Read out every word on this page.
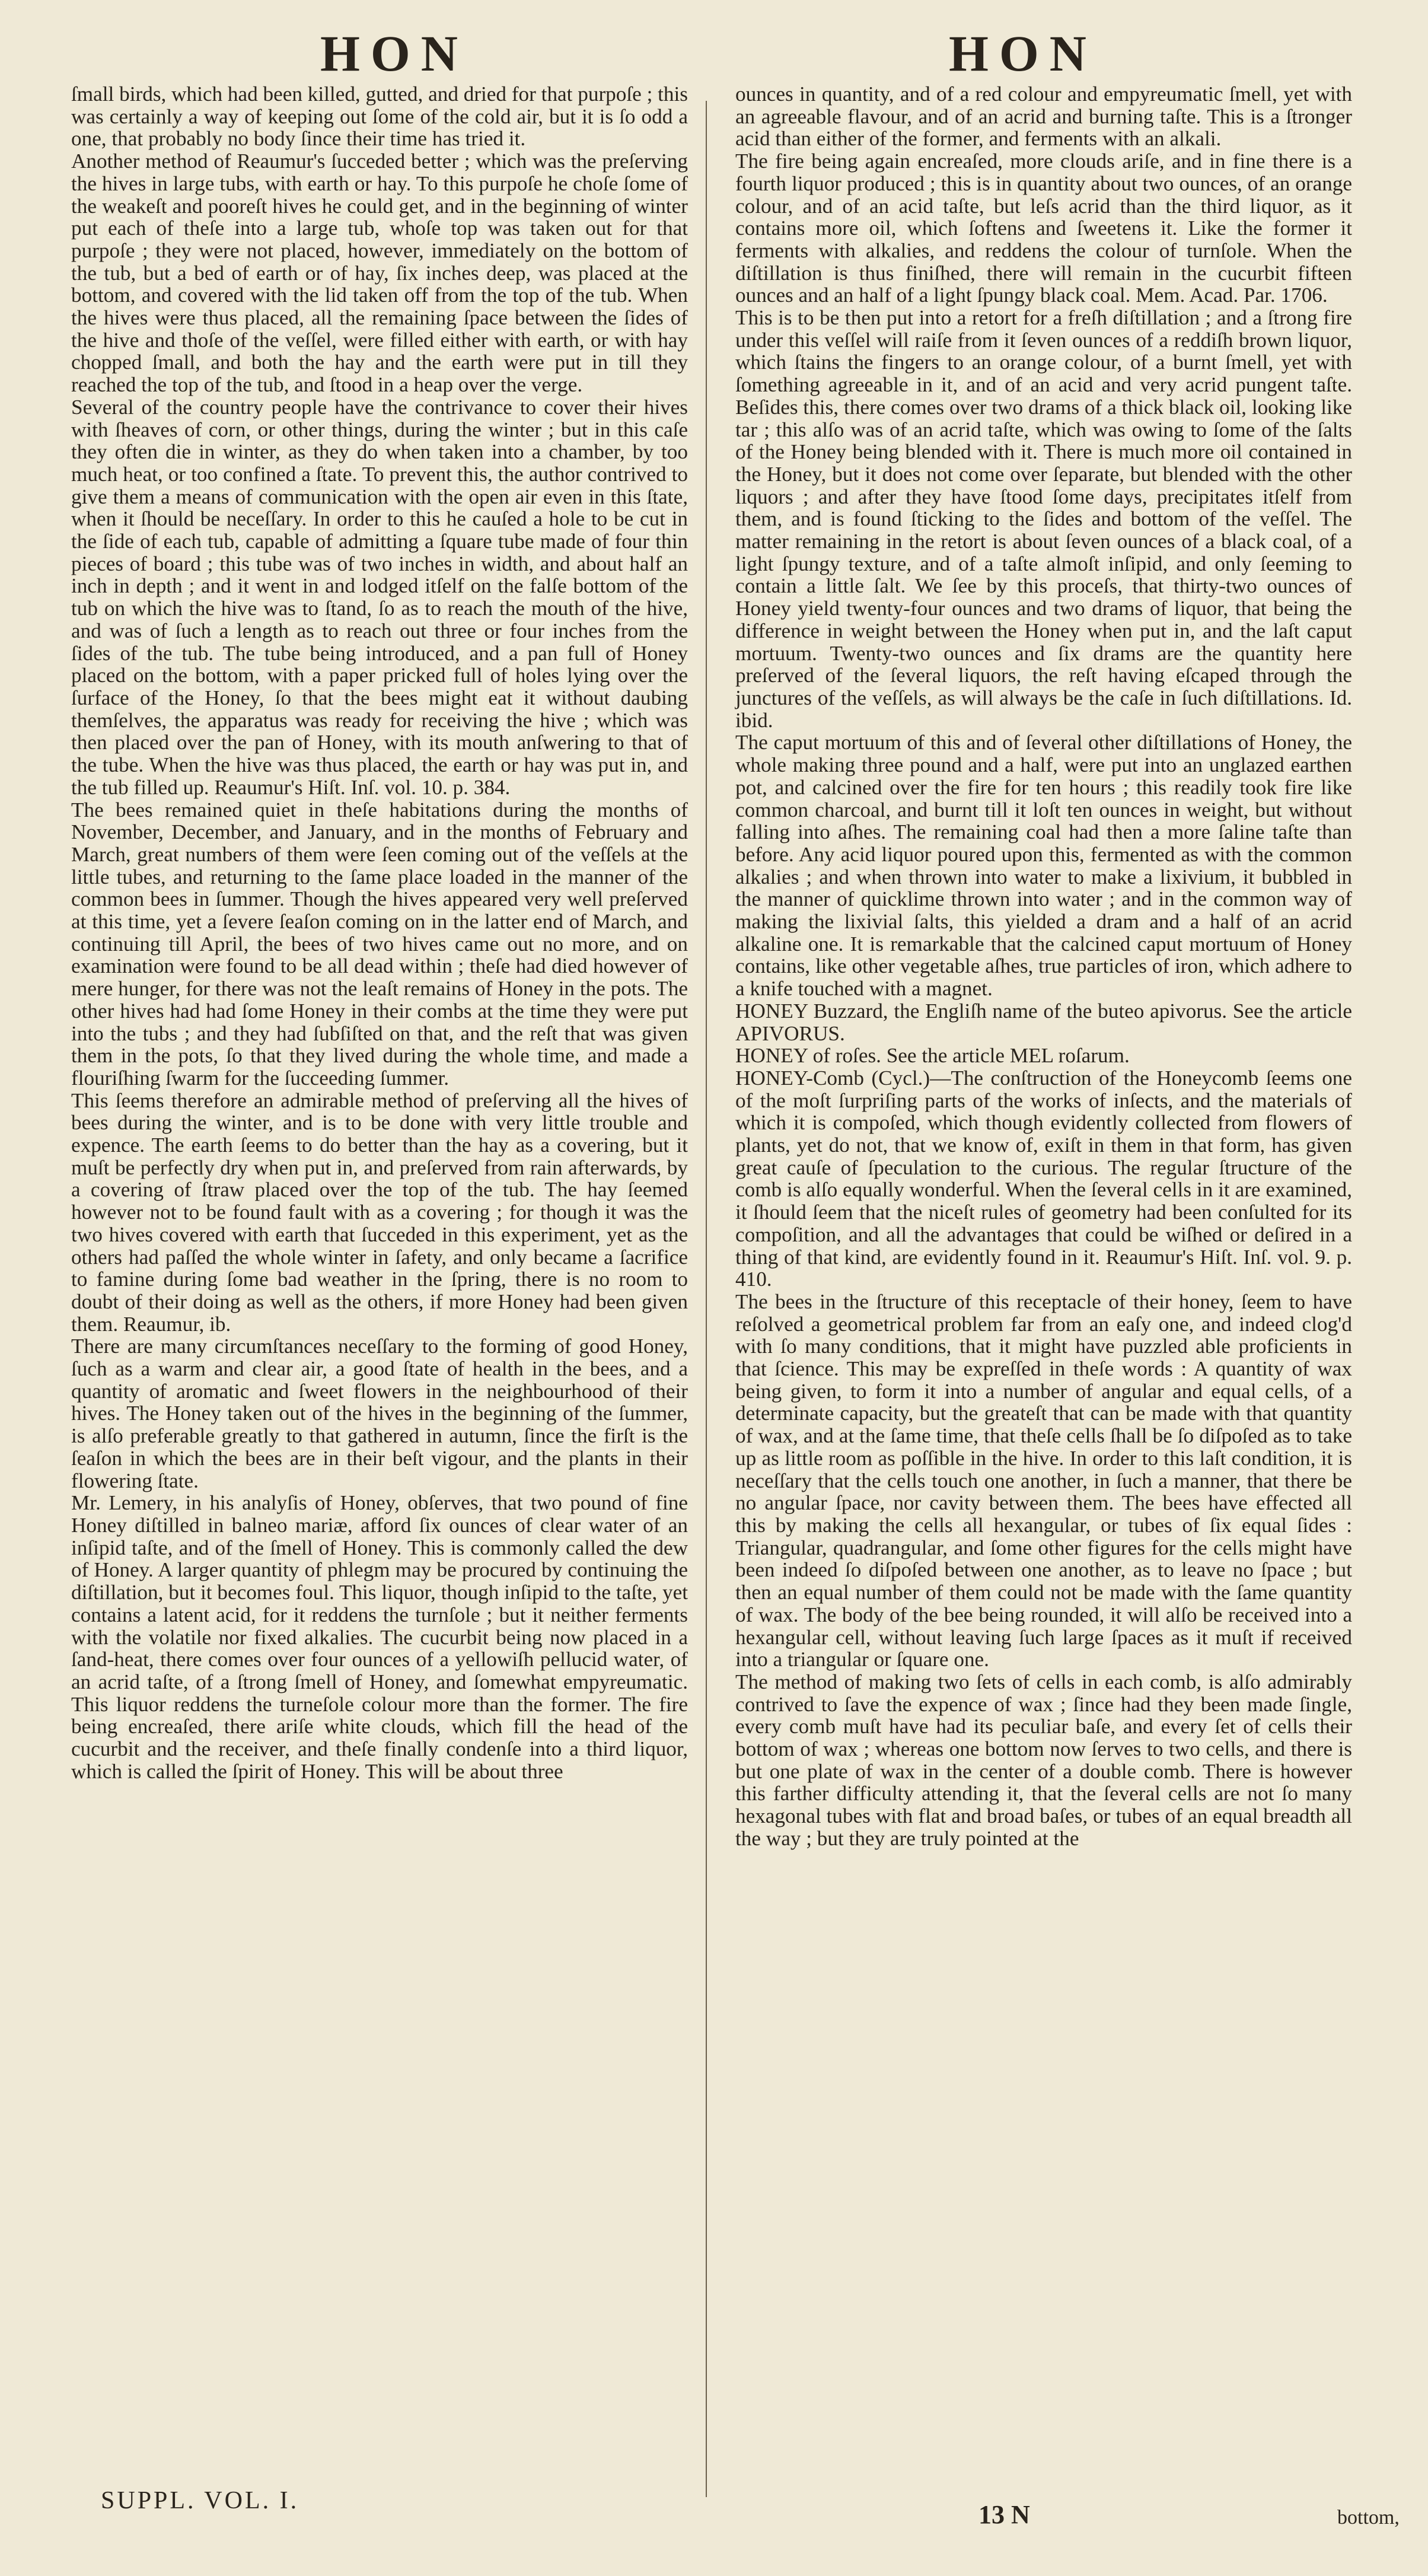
HON	HON

ſmall birds, which had been killed, gutted, and dried for that purpoſe ; this was certainly a way of keeping out ſome of the cold air, but it is ſo odd a one, that probably no body ſince their time has tried it.

Another method of Reaumur's ſucceded better ; which was the preſerving the hives in large tubs, with earth or hay. To this purpoſe he choſe ſome of the weakeſt and pooreſt hives he could get, and in the beginning of winter put each of theſe into a large tub, whoſe top was taken out for that purpoſe ; they were not placed, however, immediately on the bottom of the tub, but a bed of earth or of hay, ſix inches deep, was placed at the bottom, and covered with the lid taken off from the top of the tub. When the hives were thus placed, all the remaining ſpace between the ſides of the hive and thoſe of the veſſel, were filled either with earth, or with hay chopped ſmall, and both the hay and the earth were put in till they reached the top of the tub, and ſtood in a heap over the verge.

Several of the country people have the contrivance to cover their hives with ſheaves of corn, or other things, during the winter ; but in this caſe they often die in winter, as they do when taken into a chamber, by too much heat, or too confined a ſtate. To prevent this, the author contrived to give them a means of communication with the open air even in this ſtate, when it ſhould be neceſſary. In order to this he cauſed a hole to be cut in the ſide of each tub, capable of admitting a ſquare tube made of four thin pieces of board ; this tube was of two inches in width, and about half an inch in depth ; and it went in and lodged itſelf on the falſe bottom of the tub on which the hive was to ſtand, ſo as to reach the mouth of the hive, and was of ſuch a length as to reach out three or four inches from the ſides of the tub. The tube being introduced, and a pan full of Honey placed on the bottom, with a paper pricked full of holes lying over the ſurface of the Honey, ſo that the bees might eat it without daubing themſelves, the apparatus was ready for receiving the hive ; which was then placed over the pan of Honey, with its mouth anſwering to that of the tube. When the hive was thus placed, the earth or hay was put in, and the tub filled up. Reaumur's Hiſt. Inſ. vol. 10. p. 384.

The bees remained quiet in theſe habitations during the months of November, December, and January, and in the months of February and March, great numbers of them were ſeen coming out of the veſſels at the little tubes, and returning to the ſame place loaded in the manner of the common bees in ſummer. Though the hives appeared very well preſerved at this time, yet a ſevere ſeaſon coming on in the latter end of March, and continuing till April, the bees of two hives came out no more, and on examination were found to be all dead within ; theſe had died however of mere hunger, for there was not the leaſt remains of Honey in the pots. The other hives had had ſome Honey in their combs at the time they were put into the tubs ; and they had ſubſiſted on that, and the reſt that was given them in the pots, ſo that they lived during the whole time, and made a flouriſhing ſwarm for the ſucceeding ſummer.

This ſeems therefore an admirable method of preſerving all the hives of bees during the winter, and is to be done with very little trouble and expence. The earth ſeems to do better than the hay as a covering, but it muſt be perfectly dry when put in, and preſerved from rain afterwards, by a covering of ſtraw placed over the top of the tub. The hay ſeemed however not to be found fault with as a covering ; for though it was the two hives covered with earth that ſucceded in this experiment, yet as the others had paſſed the whole winter in ſafety, and only became a ſacrifice to famine during ſome bad weather in the ſpring, there is no room to doubt of their doing as well as the others, if more Honey had been given them. Reaumur, ib.

There are many circumſtances neceſſary to the forming of good Honey, ſuch as a warm and clear air, a good ſtate of health in the bees, and a quantity of aromatic and ſweet flowers in the neighbourhood of their hives. The Honey taken out of the hives in the beginning of the ſummer, is alſo preferable greatly to that gathered in autumn, ſince the firſt is the ſeaſon in which the bees are in their beſt vigour, and the plants in their flowering ſtate.

Mr. Lemery, in his analyſis of Honey, obſerves, that two pound of fine Honey diſtilled in balneo mariæ, afford ſix ounces of clear water of an inſipid taſte, and of the ſmell of Honey. This is commonly called the dew of Honey. A larger quantity of phlegm may be procured by continuing the diſtillation, but it becomes foul. This liquor, though inſipid to the taſte, yet contains a latent acid, for it reddens the turnſole ; but it neither ferments with the volatile nor fixed alkalies. The cucurbit being now placed in a ſand-heat, there comes over four ounces of a yellowiſh pellucid water, of an acrid taſte, of a ſtrong ſmell of Honey, and ſomewhat empyreumatic. This liquor reddens the turneſole colour more than the former. The fire being encreaſed, there ariſe white clouds, which fill the head of the cucurbit and the receiver, and theſe finally condenſe into a third liquor, which is called the ſpirit of Honey. This will be about three

ounces in quantity, and of a red colour and empyreumatic ſmell, yet with an agreeable flavour, and of an acrid and burning taſte. This is a ſtronger acid than either of the former, and ferments with an alkali.

The fire being again encreaſed, more clouds ariſe, and in fine there is a fourth liquor produced ; this is in quantity about two ounces, of an orange colour, and of an acid taſte, but leſs acrid than the third liquor, as it contains more oil, which ſoftens and ſweetens it. Like the former it ferments with alkalies, and reddens the colour of turnſole. When the diſtillation is thus finiſhed, there will remain in the cucurbit fifteen ounces and an half of a light ſpungy black coal. Mem. Acad. Par. 1706.

This is to be then put into a retort for a freſh diſtillation ; and a ſtrong fire under this veſſel will raiſe from it ſeven ounces of a reddiſh brown liquor, which ſtains the fingers to an orange colour, of a burnt ſmell, yet with ſomething agreeable in it, and of an acid and very acrid pungent taſte. Beſides this, there comes over two drams of a thick black oil, looking like tar ; this alſo was of an acrid taſte, which was owing to ſome of the ſalts of the Honey being blended with it. There is much more oil contained in the Honey, but it does not come over ſeparate, but blended with the other liquors ; and after they have ſtood ſome days, precipitates itſelf from them, and is found ſticking to the ſides and bottom of the veſſel. The matter remaining in the retort is about ſeven ounces of a black coal, of a light ſpungy texture, and of a taſte almoſt inſipid, and only ſeeming to contain a little ſalt. We ſee by this proceſs, that thirty-two ounces of Honey yield twenty-four ounces and two drams of liquor, that being the difference in weight between the Honey when put in, and the laſt caput mortuum. Twenty-two ounces and ſix drams are the quantity here preſerved of the ſeveral liquors, the reſt having eſcaped through the junctures of the veſſels, as will always be the caſe in ſuch diſtillations. Id. ibid.

The caput mortuum of this and of ſeveral other diſtillations of Honey, the whole making three pound and a half, were put into an unglazed earthen pot, and calcined over the fire for ten hours ; this readily took fire like common charcoal, and burnt till it loſt ten ounces in weight, but without falling into aſhes. The remaining coal had then a more ſaline taſte than before. Any acid liquor poured upon this, fermented as with the common alkalies ; and when thrown into water to make a lixivium, it bubbled in the manner of quicklime thrown into water ; and in the common way of making the lixivial ſalts, this yielded a dram and a half of an acrid alkaline one. It is remarkable that the calcined caput mortuum of Honey contains, like other vegetable aſhes, true particles of iron, which adhere to a knife touched with a magnet.

HONEY Buzzard, the Engliſh name of the buteo apivorus. See the article APIVORUS.

HONEY of roſes. See the article MEL roſarum.

HONEY-Comb (Cycl.)—The conſtruction of the Honeycomb ſeems one of the moſt ſurpriſing parts of the works of inſects, and the materials of which it is compoſed, which though evidently collected from flowers of plants, yet do not, that we know of, exiſt in them in that form, has given great cauſe of ſpeculation to the curious. The regular ſtructure of the comb is alſo equally wonderful. When the ſeveral cells in it are examined, it ſhould ſeem that the niceſt rules of geometry had been conſulted for its compoſition, and all the advantages that could be wiſhed or deſired in a thing of that kind, are evidently found in it. Reaumur's Hiſt. Inſ. vol. 9. p. 410.

The bees in the ſtructure of this receptacle of their honey, ſeem to have reſolved a geometrical problem far from an eaſy one, and indeed clog'd with ſo many conditions, that it might have puzzled able proficients in that ſcience. This may be expreſſed in theſe words : A quantity of wax being given, to form it into a number of angular and equal cells, of a determinate capacity, but the greateſt that can be made with that quantity of wax, and at the ſame time, that theſe cells ſhall be ſo diſpoſed as to take up as little room as poſſible in the hive. In order to this laſt condition, it is neceſſary that the cells touch one another, in ſuch a manner, that there be no angular ſpace, nor cavity between them. The bees have effected all this by making the cells all hexangular, or tubes of ſix equal ſides : Triangular, quadrangular, and ſome other figures for the cells might have been indeed ſo diſpoſed between one another, as to leave no ſpace ; but then an equal number of them could not be made with the ſame quantity of wax. The body of the bee being rounded, it will alſo be received into a hexangular cell, without leaving ſuch large ſpaces as it muſt if received into a triangular or ſquare one.

The method of making two ſets of cells in each comb, is alſo admirably contrived to ſave the expence of wax ; ſince had they been made ſingle, every comb muſt have had its peculiar baſe, and every ſet of cells their bottom of wax ; whereas one bottom now ſerves to two cells, and there is but one plate of wax in the center of a double comb. There is however this farther difficulty attending it, that the ſeveral cells are not ſo many hexagonal tubes with flat and broad baſes, or tubes of an equal breadth all the way ; but they are truly pointed at the

SUPPL. VOL. I.	13 N	bottom,
